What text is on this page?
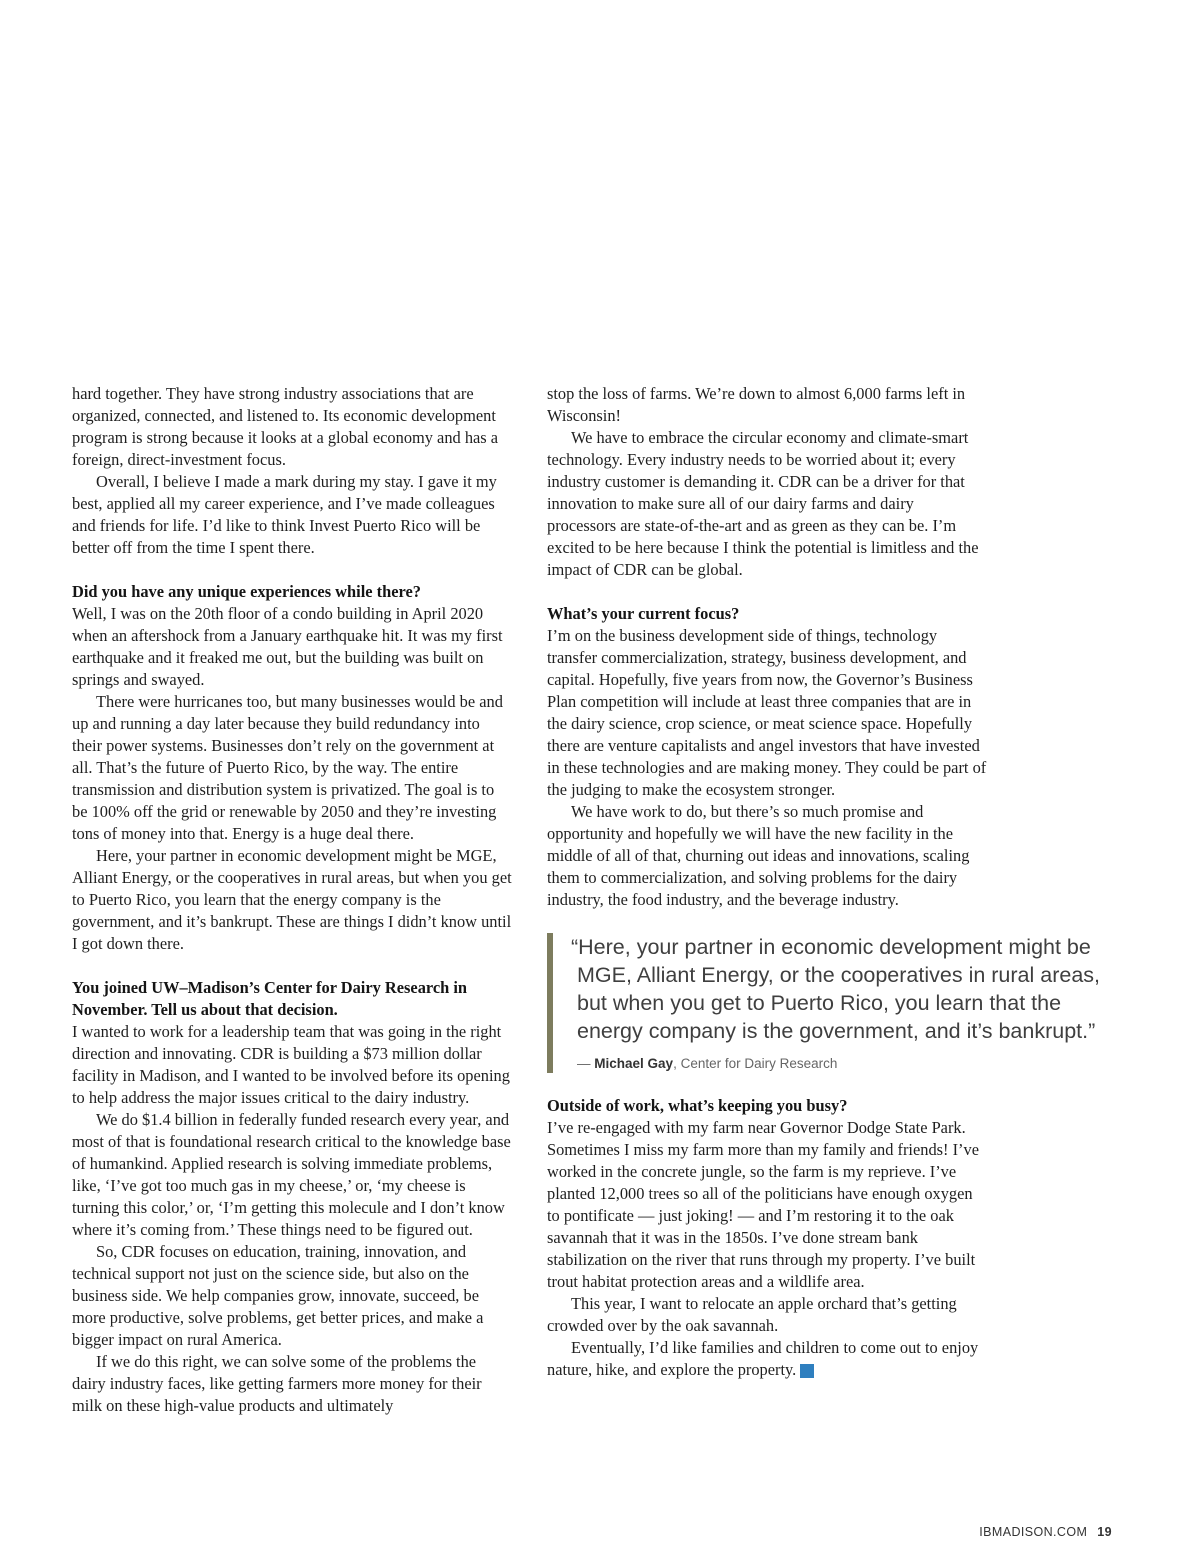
hard together. They have strong industry associations that are organized, connected, and listened to. Its economic development program is strong because it looks at a global economy and has a foreign, direct-investment focus.

Overall, I believe I made a mark during my stay. I gave it my best, applied all my career experience, and I’ve made colleagues and friends for life. I’d like to think Invest Puerto Rico will be better off from the time I spent there.

Did you have any unique experiences while there?

Well, I was on the 20th floor of a condo building in April 2020 when an aftershock from a January earthquake hit. It was my first earthquake and it freaked me out, but the building was built on springs and swayed.

There were hurricanes too, but many businesses would be and up and running a day later because they build redundancy into their power systems. Businesses don’t rely on the government at all. That’s the future of Puerto Rico, by the way. The entire transmission and distribution system is privatized. The goal is to be 100% off the grid or renewable by 2050 and they’re investing tons of money into that. Energy is a huge deal there.

Here, your partner in economic development might be MGE, Alliant Energy, or the cooperatives in rural areas, but when you get to Puerto Rico, you learn that the energy company is the government, and it’s bankrupt. These are things I didn’t know until I got down there.

You joined UW–Madison’s Center for Dairy Research in November. Tell us about that decision.

I wanted to work for a leadership team that was going in the right direction and innovating. CDR is building a $73 million dollar facility in Madison, and I wanted to be involved before its opening to help address the major issues critical to the dairy industry.

We do $1.4 billion in federally funded research every year, and most of that is foundational research critical to the knowledge base of humankind. Applied research is solving immediate problems, like, ‘I’ve got too much gas in my cheese,’ or, ‘my cheese is turning this color,’ or, ‘I’m getting this molecule and I don’t know where it’s coming from.’ These things need to be figured out.

So, CDR focuses on education, training, innovation, and technical support not just on the science side, but also on the business side. We help companies grow, innovate, succeed, be more productive, solve problems, get better prices, and make a bigger impact on rural America.

If we do this right, we can solve some of the problems the dairy industry faces, like getting farmers more money for their milk on these high-value products and ultimately

stop the loss of farms. We’re down to almost 6,000 farms left in Wisconsin!

We have to embrace the circular economy and climate-smart technology. Every industry needs to be worried about it; every industry customer is demanding it. CDR can be a driver for that innovation to make sure all of our dairy farms and dairy processors are state-of-the-art and as green as they can be. I’m excited to be here because I think the potential is limitless and the impact of CDR can be global.

What’s your current focus?

I’m on the business development side of things, technology transfer commercialization, strategy, business development, and capital. Hopefully, five years from now, the Governor’s Business Plan competition will include at least three companies that are in the dairy science, crop science, or meat science space. Hopefully there are venture capitalists and angel investors that have invested in these technologies and are making money. They could be part of the judging to make the ecosystem stronger.

We have work to do, but there’s so much promise and opportunity and hopefully we will have the new facility in the middle of all of that, churning out ideas and innovations, scaling them to commercialization, and solving problems for the dairy industry, the food industry, and the beverage industry.

“Here, your partner in economic development might be
MGE, Alliant Energy, or the cooperatives in rural areas,
but when you get to Puerto Rico, you learn that the
energy company is the government, and it’s bankrupt.”

— Michael Gay, Center for Dairy Research
Outside of work, what’s keeping you busy?

I’ve re-engaged with my farm near Governor Dodge State Park. Sometimes I miss my farm more than my family and friends! I’ve worked in the concrete jungle, so the farm is my reprieve. I’ve planted 12,000 trees so all of the politicians have enough oxygen to pontificate — just joking! — and I’m restoring it to the oak savannah that it was in the 1850s. I’ve done stream bank stabilization on the river that runs through my property. I’ve built trout habitat protection areas and a wildlife area.

This year, I want to relocate an apple orchard that’s getting crowded over by the oak savannah.

Eventually, I’d like families and children to come out to enjoy nature, hike, and explore the property.	IB

IBMADISON.COM 19
